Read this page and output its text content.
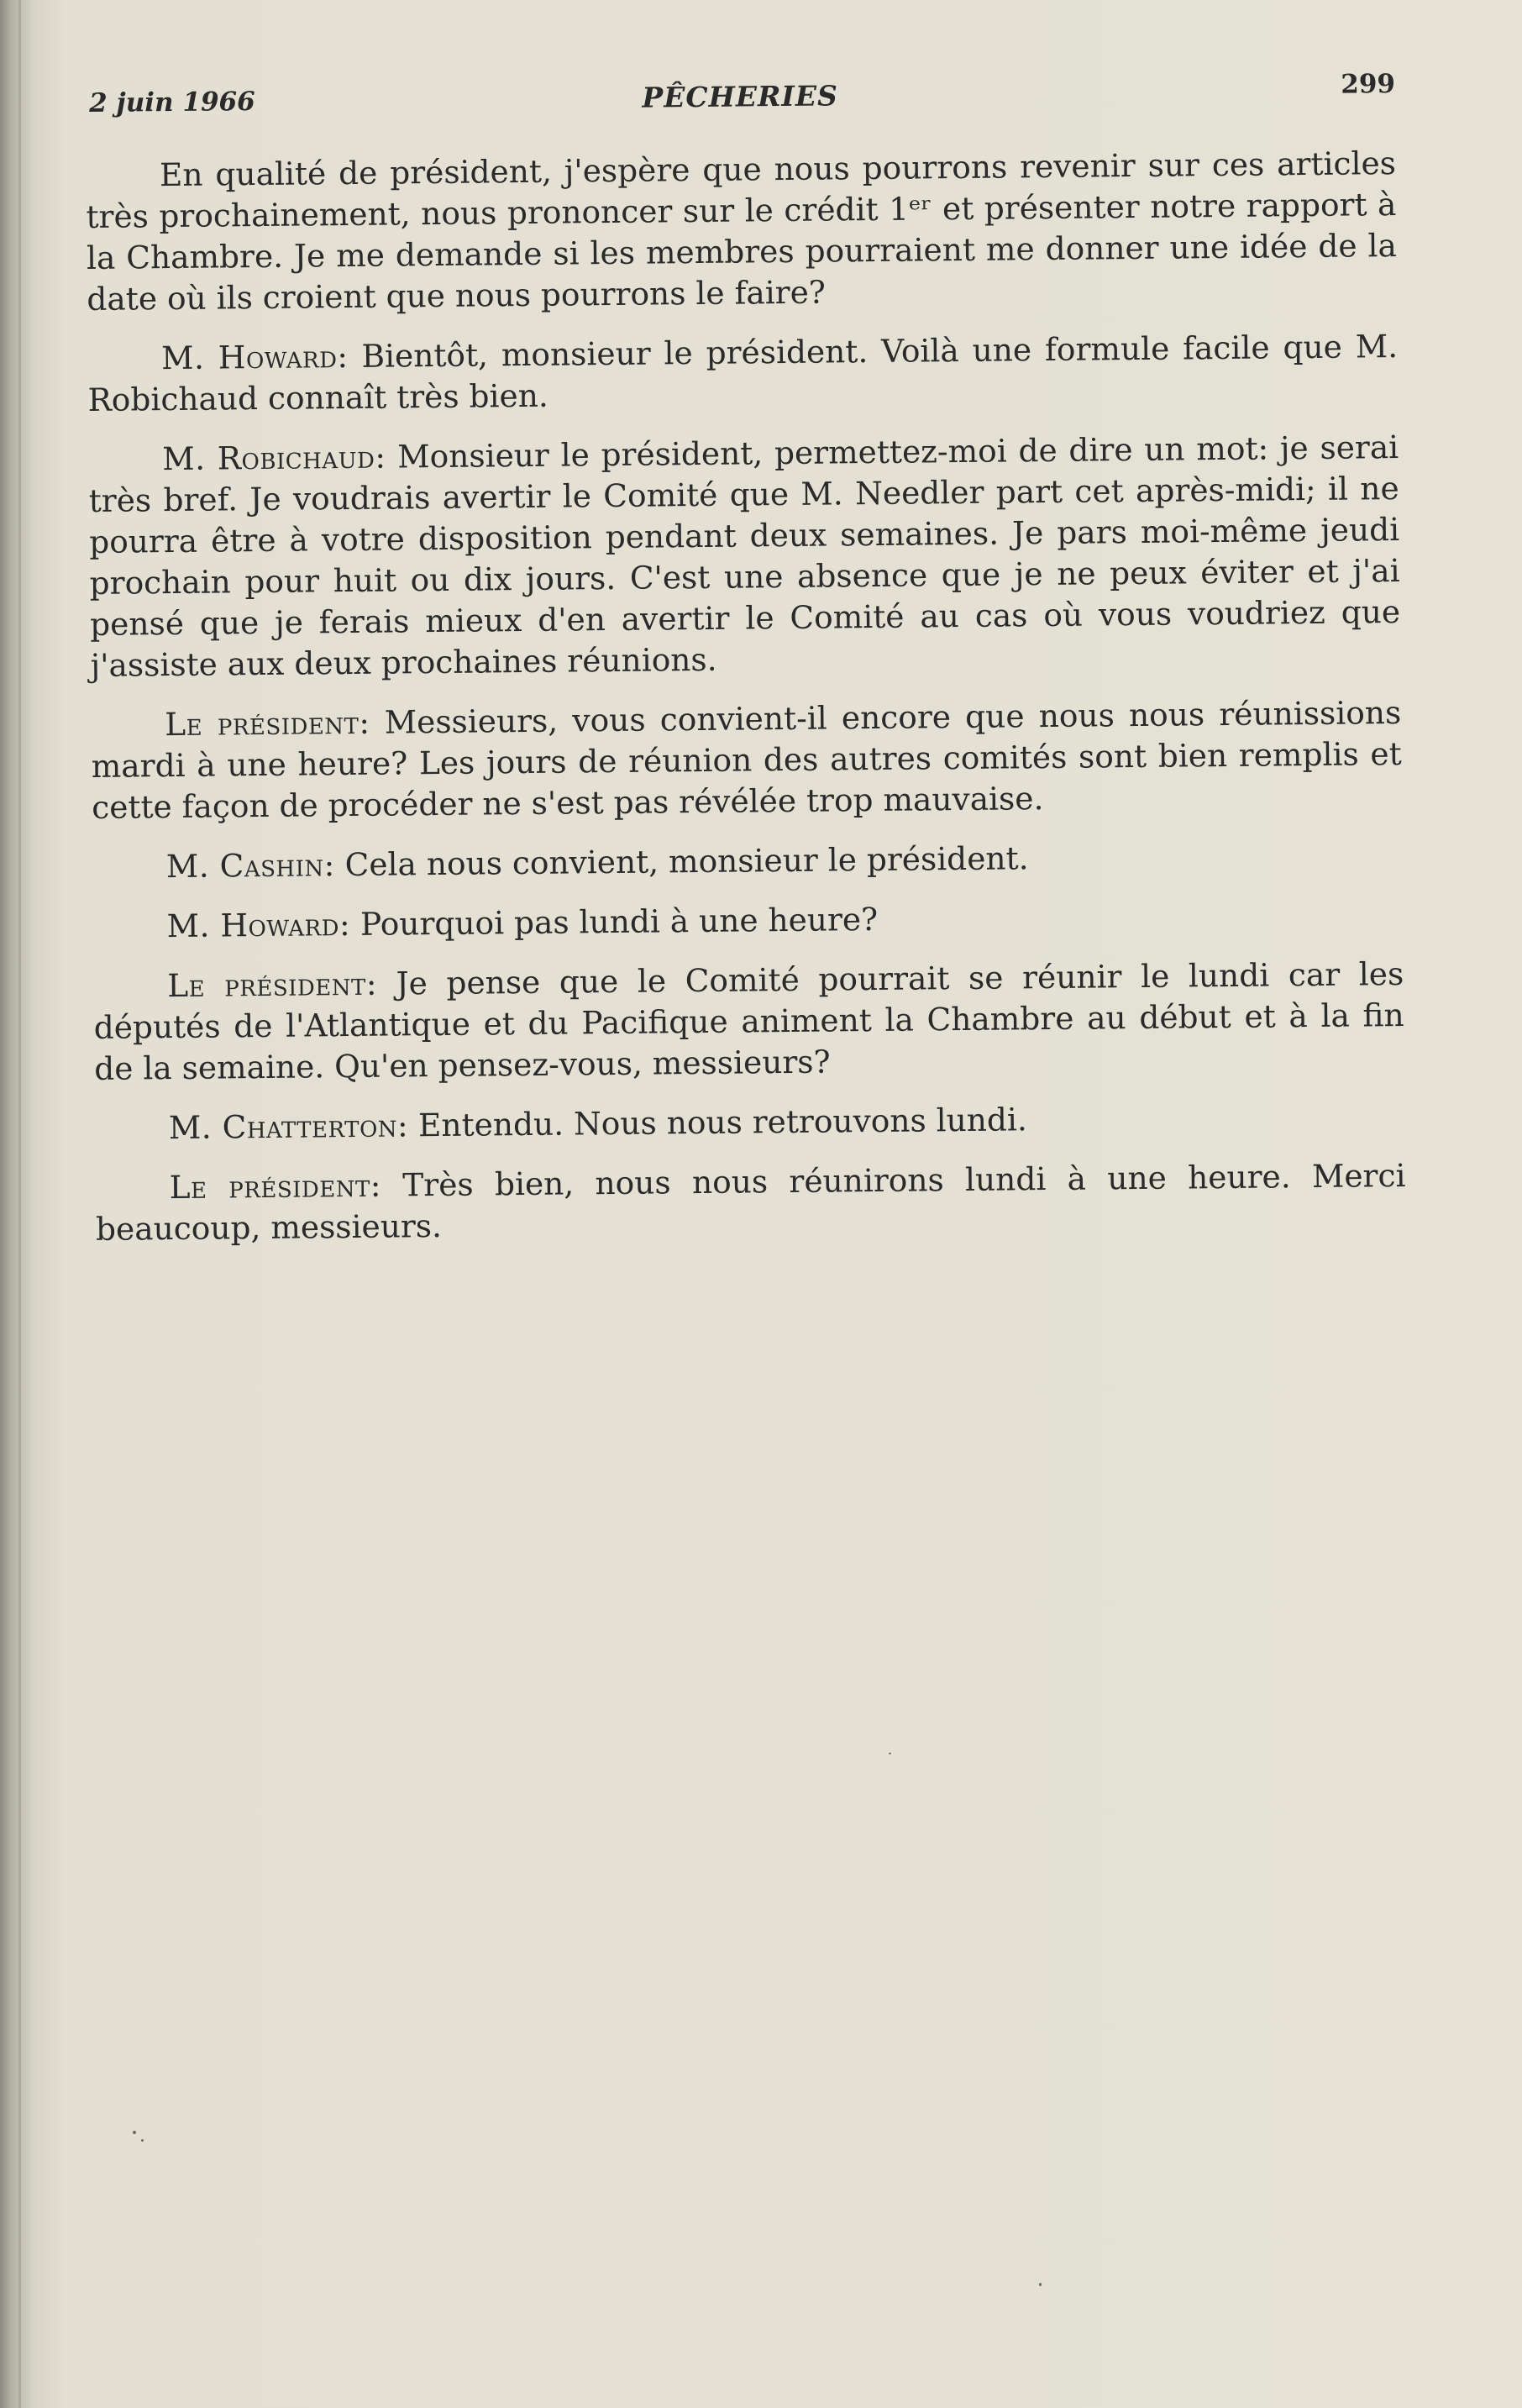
2 juin 1966	PÊCHERIES	299

En qualité de président, j'espère que nous pourrons revenir sur ces articles très prochainement, nous prononcer sur le crédit 1ᵉʳ et présenter notre rapport à la Chambre. Je me demande si les membres pourraient me donner une idée de la date où ils croient que nous pourrons le faire?

M. Howard: Bientôt, monsieur le président. Voilà une formule facile que M. Robichaud connaît très bien.

M. Robichaud: Monsieur le président, permettez-moi de dire un mot: je serai très bref. Je voudrais avertir le Comité que M. Needler part cet après-midi; il ne pourra être à votre disposition pendant deux semaines. Je pars moi-même jeudi prochain pour huit ou dix jours. C'est une absence que je ne peux éviter et j'ai pensé que je ferais mieux d'en avertir le Comité au cas où vous voudriez que j'assiste aux deux prochaines réunions.

Le président: Messieurs, vous convient-il encore que nous nous réunissions mardi à une heure? Les jours de réunion des autres comités sont bien remplis et cette façon de procéder ne s'est pas révélée trop mauvaise.

M. Cashin: Cela nous convient, monsieur le président.

M. Howard: Pourquoi pas lundi à une heure?

Le président: Je pense que le Comité pourrait se réunir le lundi car les députés de l'Atlantique et du Pacifique animent la Chambre au début et à la fin de la semaine. Qu'en pensez-vous, messieurs?

M. Chatterton: Entendu. Nous nous retrouvons lundi.

Le président: Très bien, nous nous réunirons lundi à une heure. Merci beaucoup, messieurs.
